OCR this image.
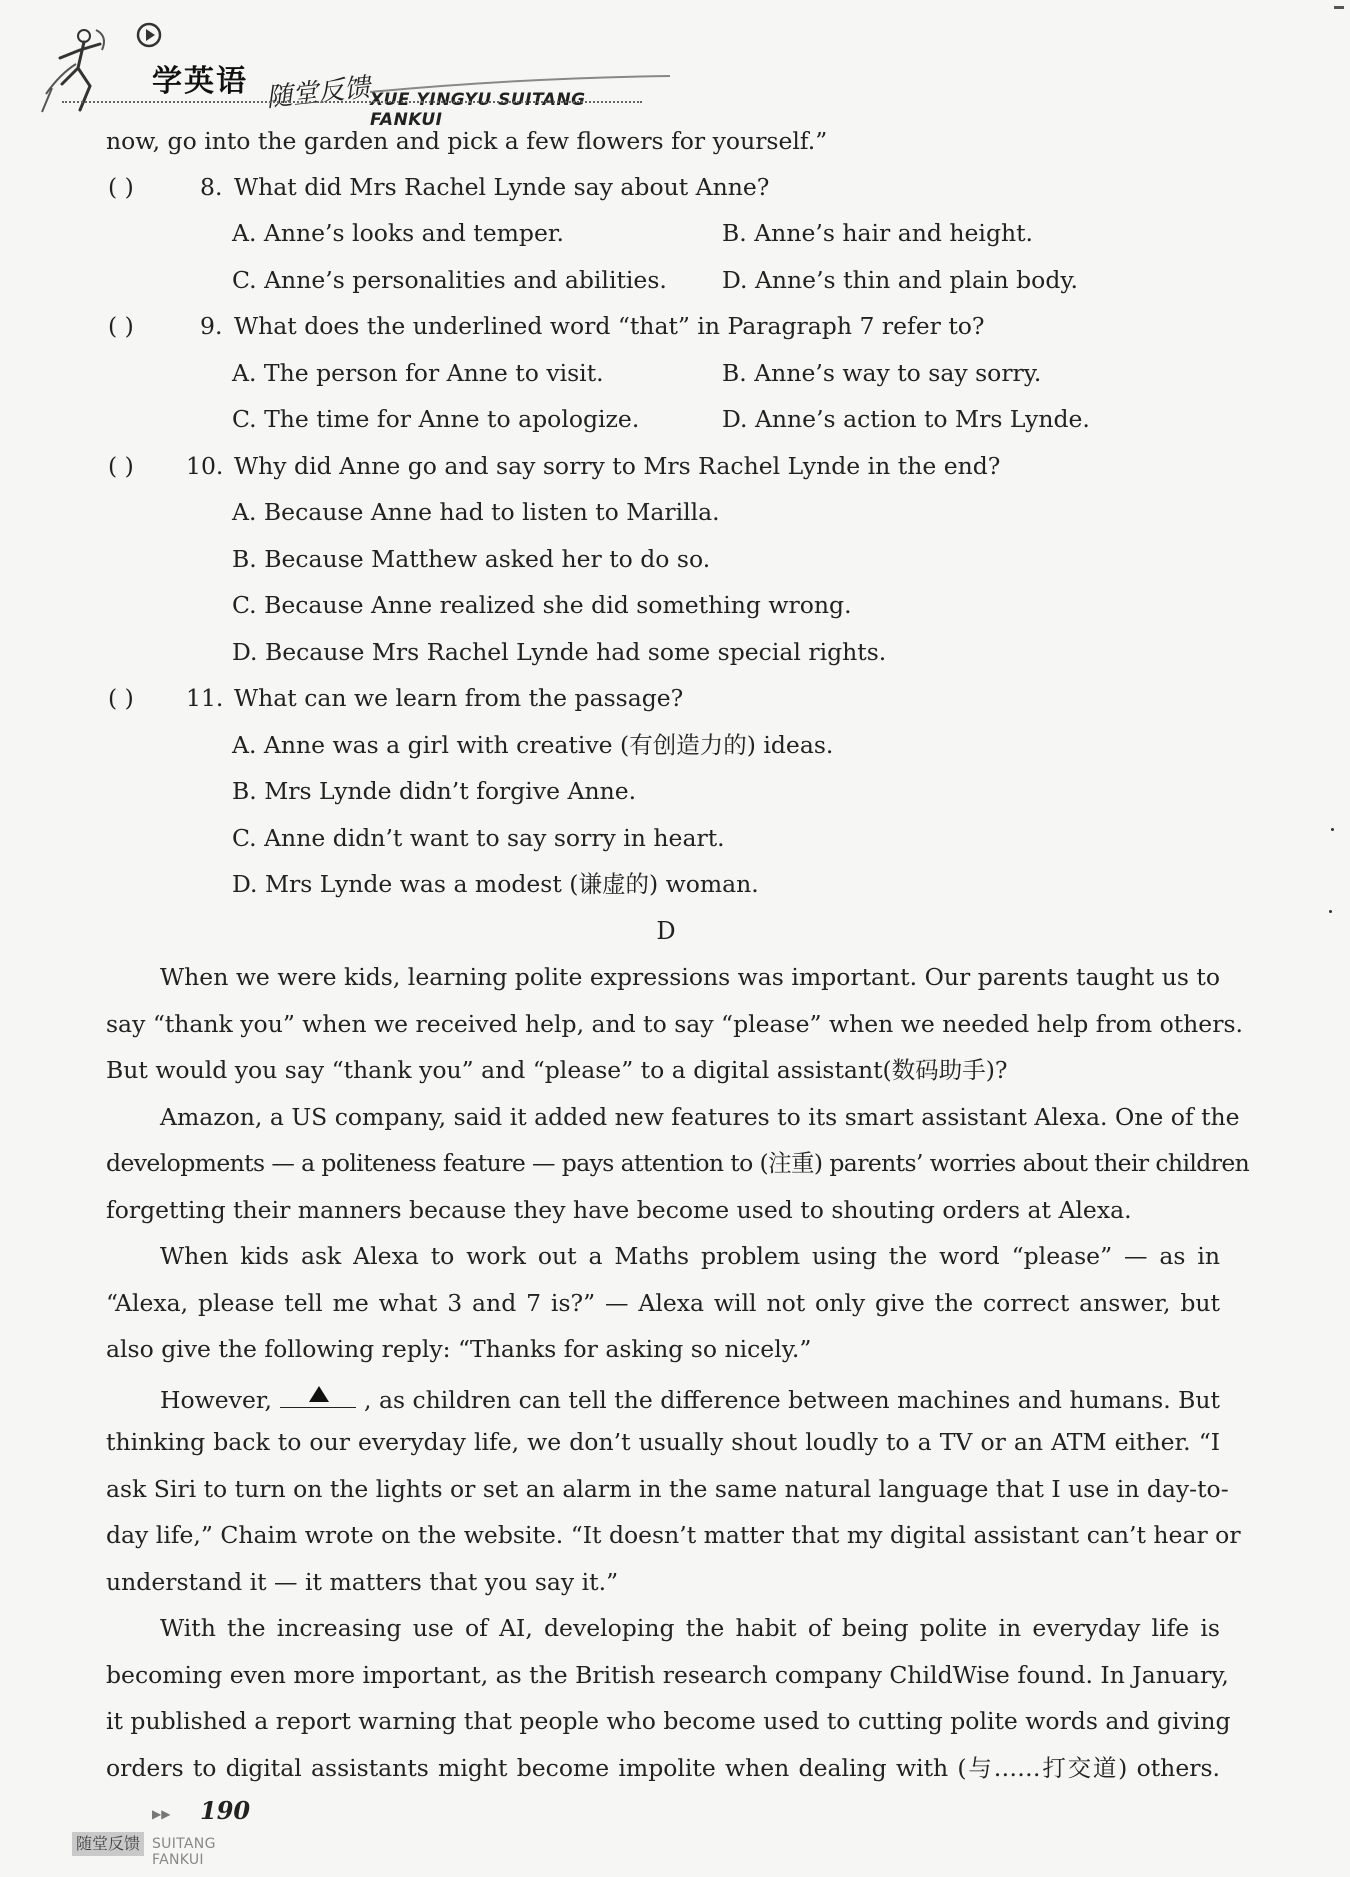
学英语 随堂反馈
XUE YINGYU SUITANG FANKUI
now, go into the garden and pick a few flowers for yourself.”
( )	8. What did Mrs Rachel Lynde say about Anne?
A. Anne’s looks and temper.	B. Anne’s hair and height.
C. Anne’s personalities and abilities. D. Anne’s thin and plain body.
( )	9. What does the underlined word “that” in Paragraph 7 refer to?
A. The person for Anne to visit.	B. Anne’s way to say sorry.
C. The time for Anne to apologize.	D. Anne’s action to Mrs Lynde.
( ) 10. Why did Anne go and say sorry to Mrs Rachel Lynde in the end?
A. Because Anne had to listen to Marilla.
B. Because Matthew asked her to do so.
C. Because Anne realized she did something wrong.
D. Because Mrs Rachel Lynde had some special rights.
( ) 11. What can we learn from the passage?
A. Anne was a girl with creative (有创造力的) ideas.
B. Mrs Lynde didn’t forgive Anne.
C. Anne didn’t want to say sorry in heart.
D. Mrs Lynde was a modest (谦虚的) woman.
D
When we were kids, learning polite expressions was important. Our parents taught us to
say “thank you” when we received help, and to say “please” when we needed help from others.
But would you say “thank you” and “please” to a digital assistant(数码助手)?
Amazon, a US company, said it added new features to its smart assistant Alexa. One of the
developments — a politeness feature — pays attention to (注重) parents’ worries about their children
forgetting their manners because they have become used to shouting orders at Alexa.
When kids ask Alexa to work out a Maths problem using the word “please” — as in
“Alexa, please tell me what 3 and 7 is?” — Alexa will not only give the correct answer, but
also give the following reply: “Thanks for asking so nicely.”
However,	, as children can tell the difference between machines and humans. But
thinking back to our everyday life, we don’t usually shout loudly to a TV or an ATM either. “I
ask Siri to turn on the lights or set an alarm in the same natural language that I use in day-to-
day life,” Chaim wrote on the website. “It doesn’t matter that my digital assistant can’t hear or
understand it — it matters that you say it.”
With the increasing use of AI, developing the habit of being polite in everyday life is
becoming even more important, as the British research company ChildWise found. In January,
it published a report warning that people who become used to cutting polite words and giving
orders to digital assistants might become impolite when dealing with (与……打交道) others.
▶▶ 190
随堂反馈 SUITANG FANKUI
